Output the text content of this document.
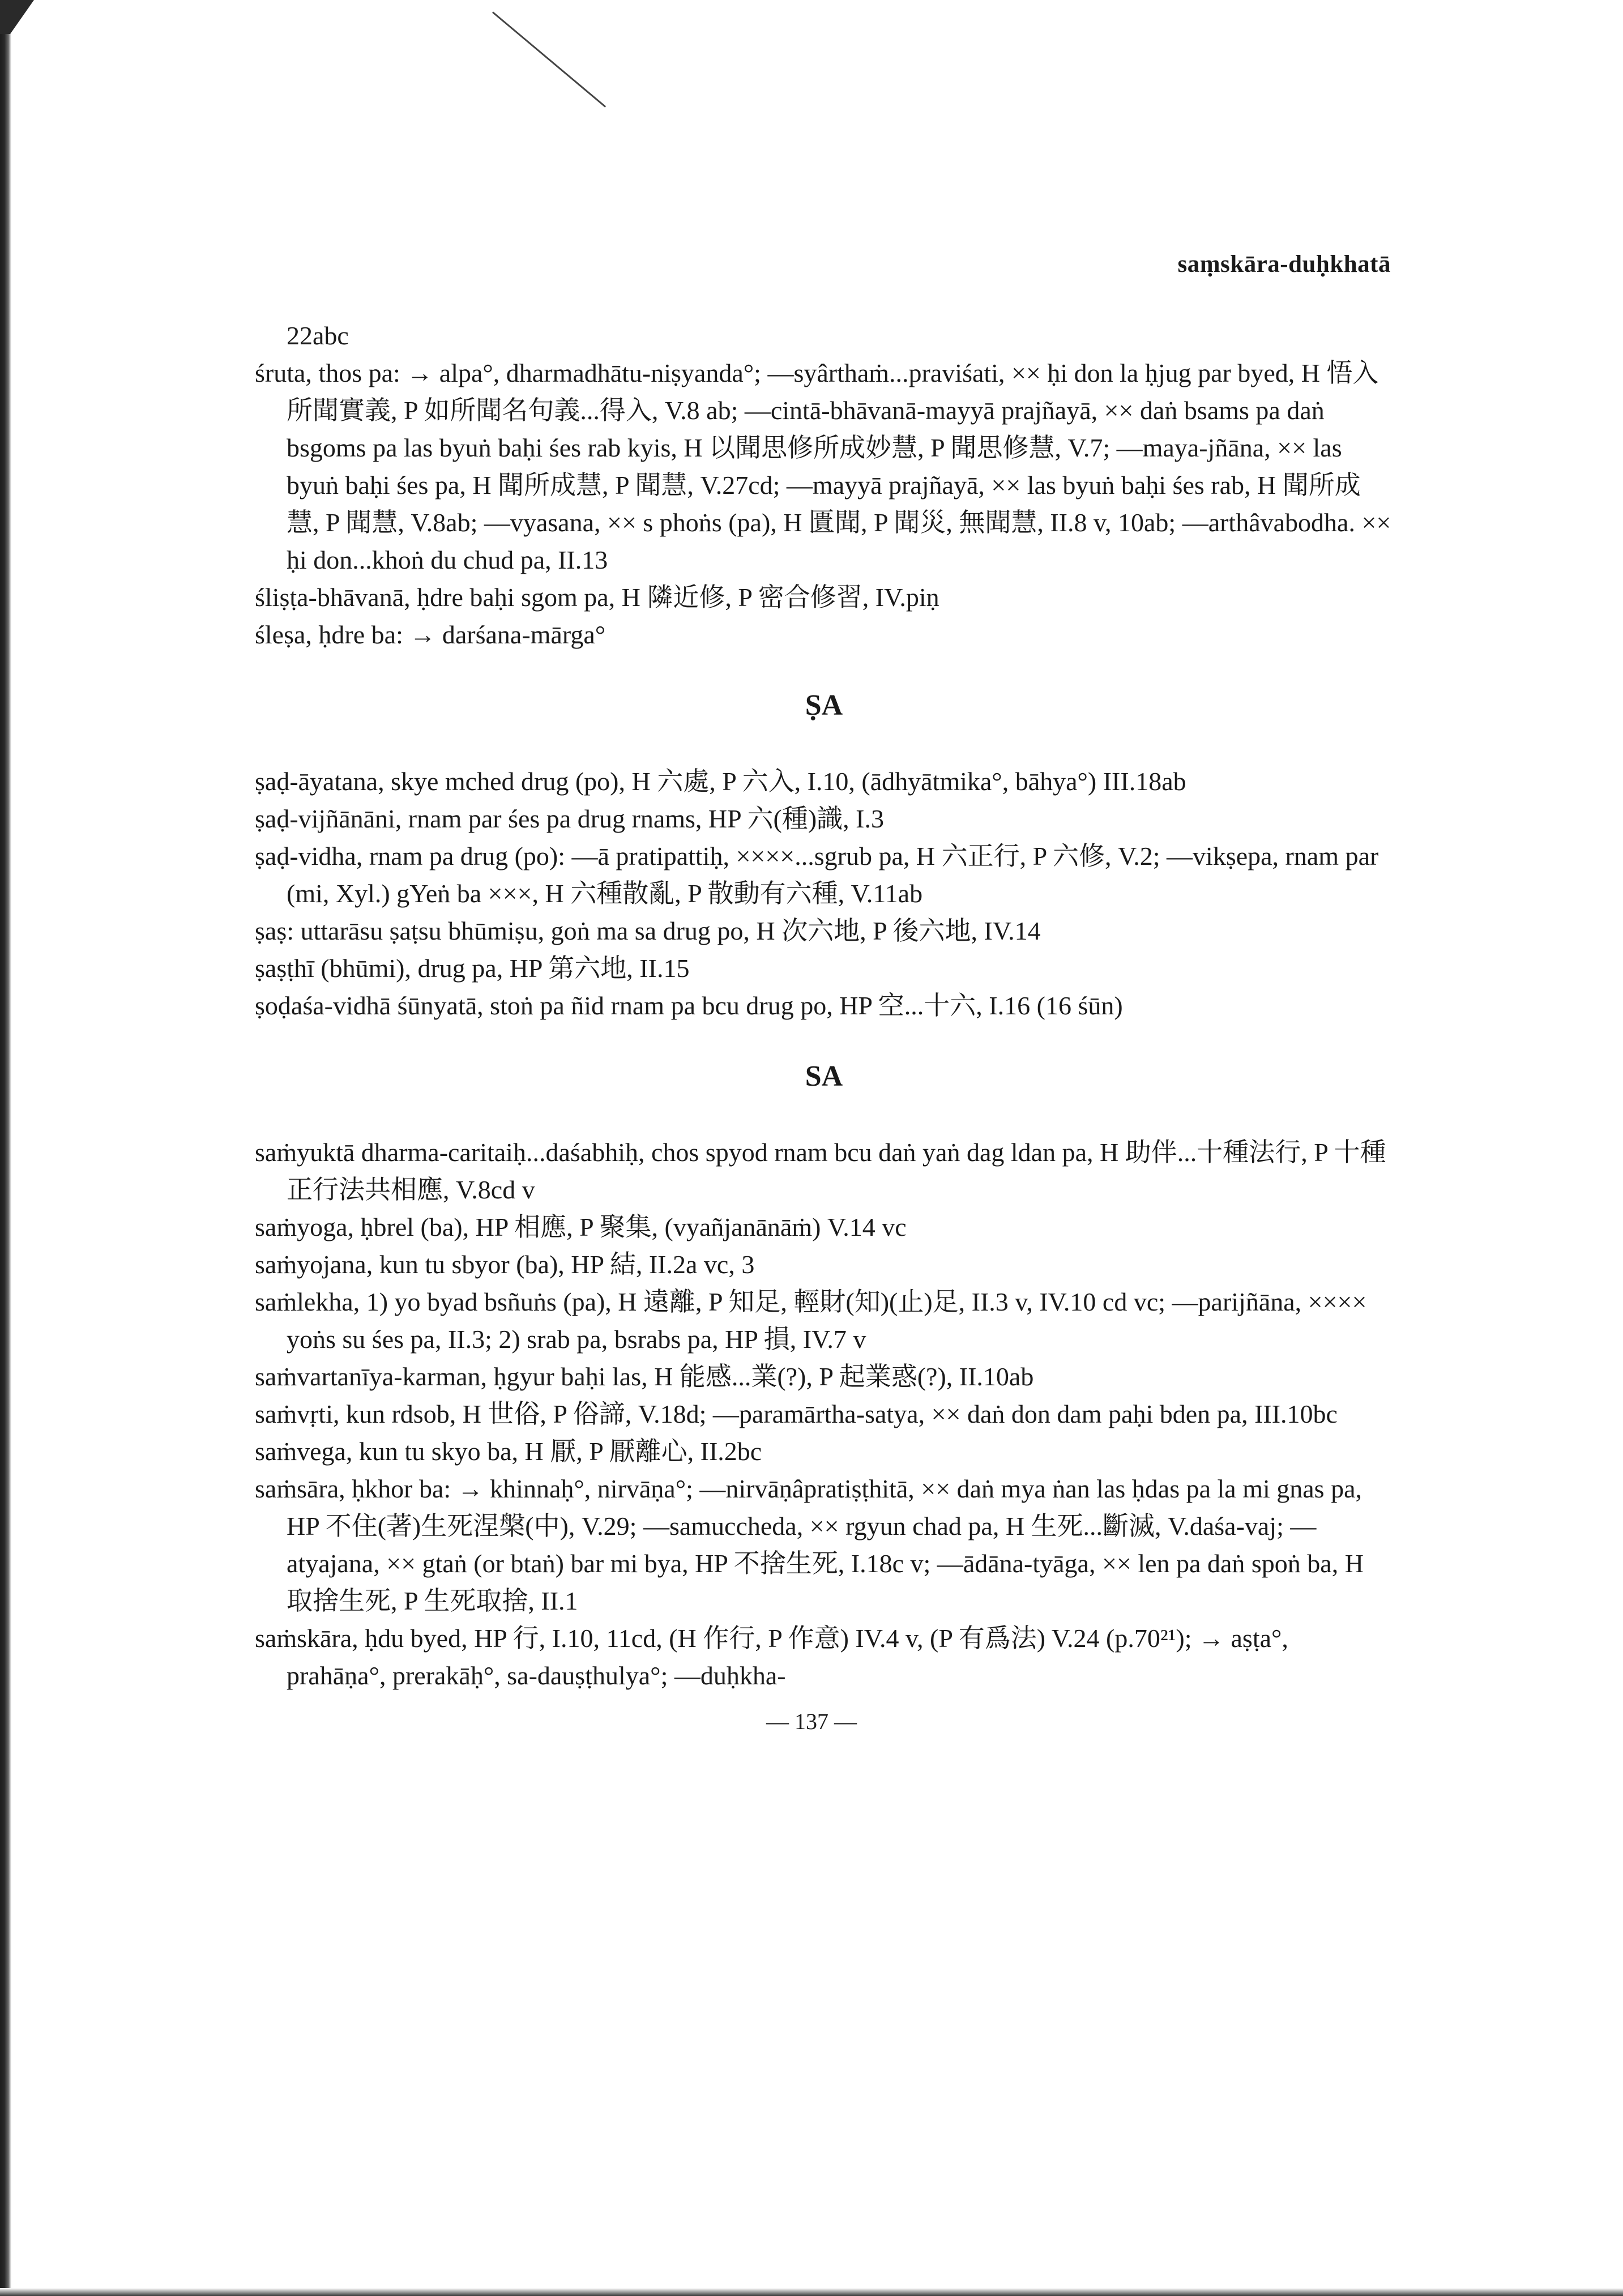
saṃskāra-duḥkhatā

22abc

śruta, thos pa: → alpa°, dharmadhātu-niṣyanda°; —syârthaṁ...praviśati, ×× ḥi don la ḥjug par byed, H 悟入所聞實義, P 如所聞名句義...得入, V.8 ab; —cintā-bhāvanā-mayyā prajñayā, ×× daṅ bsams pa daṅ bsgoms pa las byuṅ baḥi śes rab kyis, H 以聞思修所成妙慧, P 聞思修慧, V.7; —maya-jñāna, ×× las byuṅ baḥi śes pa, H 聞所成慧, P 聞慧, V.27cd; —mayyā prajñayā, ×× las byuṅ baḥi śes rab, H 聞所成慧, P 聞慧, V.8ab; —vyasana, ×× s phoṅs (pa), H 匱聞, P 聞災, 無聞慧, II.8 v, 10ab; —arthâvabodha. ×× ḥi don...khoṅ du chud pa, II.13

śliṣṭa-bhāvanā, ḥdre baḥi sgom pa, H 隣近修, P 密合修習, IV.piṇ

śleṣa, ḥdre ba: → darśana-mārga°

ṢA

ṣaḍ-āyatana, skye mched drug (po), H 六處, P 六入, I.10, (ādhyātmika°, bāhya°) III.18ab

ṣaḍ-vijñānāni, rnam par śes pa drug rnams, HP 六(種)識, I.3

ṣaḍ-vidha, rnam pa drug (po): —ā pratipattiḥ, ××××...sgrub pa, H 六正行, P 六修, V.2; —vikṣepa, rnam par (mi, Xyl.) gYeṅ ba ×××, H 六種散亂, P 散動有六種, V.11ab

ṣaṣ: uttarāsu ṣaṭsu bhūmiṣu, goṅ ma sa drug po, H 次六地, P 後六地, IV.14

ṣaṣṭhī (bhūmi), drug pa, HP 第六地, II.15

ṣoḍaśa-vidhā śūnyatā, stoṅ pa ñid rnam pa bcu drug po, HP 空...十六, I.16 (16 śūn)

SA

saṁyuktā dharma-caritaiḥ...daśabhiḥ, chos spyod rnam bcu daṅ yaṅ dag ldan pa, H 助伴...十種法行, P 十種正行法共相應, V.8cd v

saṁyoga, ḥbrel (ba), HP 相應, P 聚集, (vyañjanānāṁ) V.14 vc

saṁyojana, kun tu sbyor (ba), HP 結, II.2a vc, 3

saṁlekha, 1) yo byad bsñuṅs (pa), H 遠離, P 知足, 輕財(知)(止)足, II.3 v, IV.10 cd vc; —parijñāna, ×××× yoṅs su śes pa, II.3; 2) srab pa, bsrabs pa, HP 損, IV.7 v

saṁvartanīya-karman, ḥgyur baḥi las, H 能感...業(?), P 起業惑(?), II.10ab

saṁvṛti, kun rdsob, H 世俗, P 俗諦, V.18d; —paramārtha-satya, ×× daṅ don dam paḥi bden pa, III.10bc

saṁvega, kun tu skyo ba, H 厭, P 厭離心, II.2bc

saṁsāra, ḥkhor ba: → khinnaḥ°, nirvāṇa°; —nirvāṇâpratiṣṭhitā, ×× daṅ mya ṅan las ḥdas pa la mi gnas pa, HP 不住(著)生死涅槃(中), V.29; —samuccheda, ×× rgyun chad pa, H 生死...斷滅, V.daśa-vaj; —atyajana, ×× gtaṅ (or btaṅ) bar mi bya, HP 不捨生死, I.18c v; —ādāna-tyāga, ×× len pa daṅ spoṅ ba, H 取捨生死, P 生死取捨, II.1

saṁskāra, ḥdu byed, HP 行, I.10, 11cd, (H 作行, P 作意) IV.4 v, (P 有爲法) V.24 (p.70²¹); → aṣṭa°, prahāṇa°, prerakāḥ°, sa-dauṣṭhulya°; —duḥkha-

— 137 —
